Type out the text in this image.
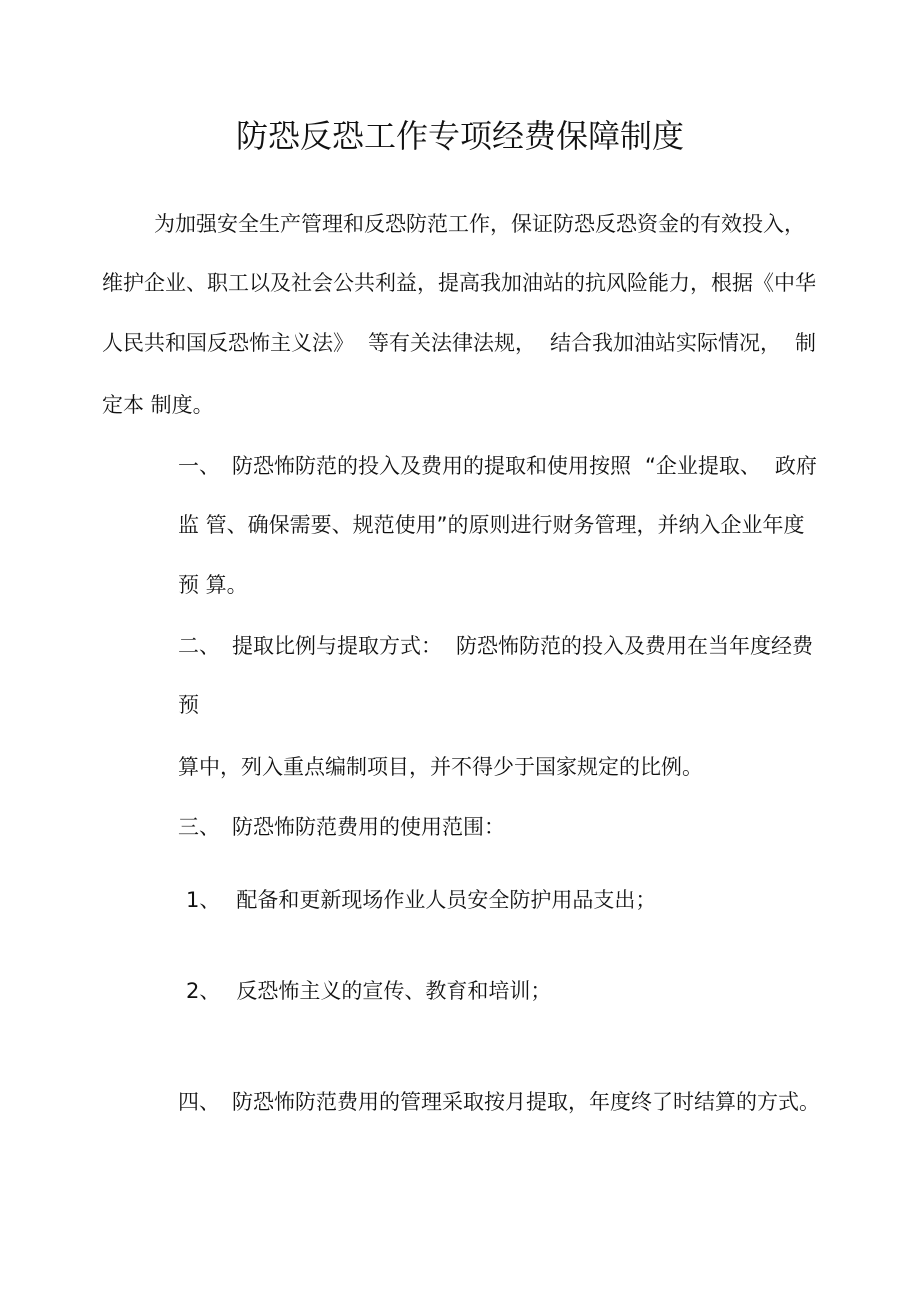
防恐反恐工作专项经费保障制度
为加强安全生产管理和反恐防范工作，保证防恐反恐资金的有效投入，
维护企业、职工以及社会公共利益，提高我加油站的抗风险能力，根据《中华
人民共和国反恐怖主义法》 等有关法律法规， 结合我加油站实际情况， 制
定本 制度。
一、 防恐怖防范的投入及费用的提取和使用按照 “企业提取、 政府
监 管、确保需要、规范使用”的原则进行财务管理，并纳入企业年度
预 算。
二、 提取比例与提取方式： 防恐怖防范的投入及费用在当年度经费
预
算中，列入重点编制项目，并不得少于国家规定的比例。
三、 防恐怖防范费用的使用范围：
1、 配备和更新现场作业人员安全防护用品支出；
2、 反恐怖主义的宣传、教育和培训；
四、 防恐怖防范费用的管理采取按月提取，年度终了时结算的方式。
